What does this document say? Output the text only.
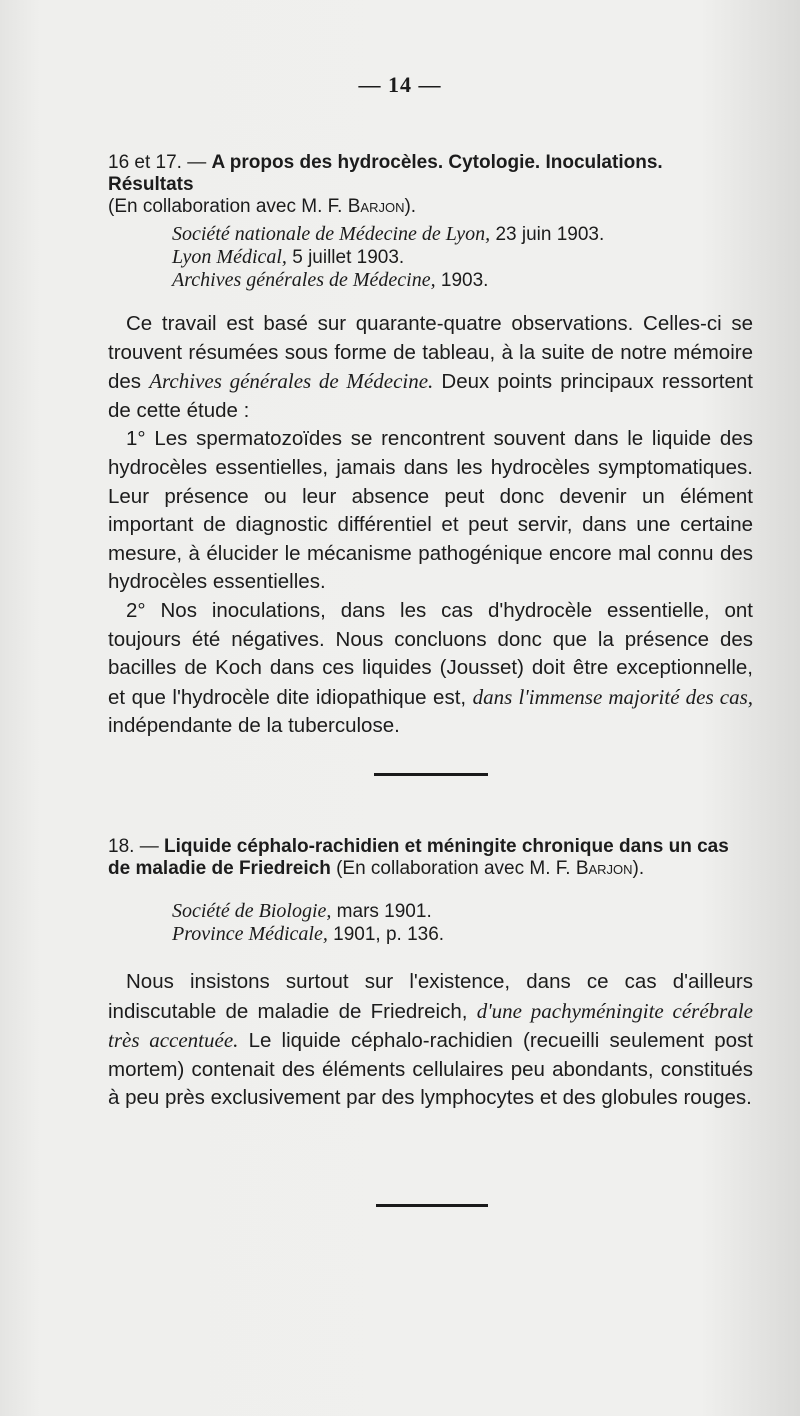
— 14 —
16 et 17. — A propos des hydrocèles. Cytologie. Inoculations. Résultats
(En collaboration avec M. F. Barjon).
Société nationale de Médecine de Lyon, 23 juin 1903.
Lyon Médical, 5 juillet 1903.
Archives générales de Médecine, 1903.
Ce travail est basé sur quarante-quatre observations. Celles-ci se trouvent résumées sous forme de tableau, à la suite de notre mémoire des Archives générales de Médecine. Deux points principaux ressortent de cette étude :
1° Les spermatozoïdes se rencontrent souvent dans le liquide des hydrocèles essentielles, jamais dans les hydrocèles symptomatiques. Leur présence ou leur absence peut donc devenir un élément important de diagnostic différentiel et peut servir, dans une certaine mesure, à élucider le mécanisme pathogénique encore mal connu des hydrocèles essentielles.
2° Nos inoculations, dans les cas d'hydrocèle essentielle, ont toujours été négatives. Nous concluons donc que la présence des bacilles de Koch dans ces liquides (Jousset) doit être exceptionnelle, et que l'hydrocèle dite idiopathique est, dans l'immense majorité des cas, indépendante de la tuberculose.
18. — Liquide céphalo-rachidien et méningite chronique dans un cas de maladie de Friedreich (En collaboration avec M. F. Barjon).
Société de Biologie, mars 1901.
Province Médicale, 1901, p. 136.
Nous insistons surtout sur l'existence, dans ce cas d'ailleurs indiscutable de maladie de Friedreich, d'une pachyméningite cérébrale très accentuée. Le liquide céphalo-rachidien (recueilli seulement post mortem) contenait des éléments cellulaires peu abondants, constitués à peu près exclusivement par des lymphocytes et des globules rouges.
